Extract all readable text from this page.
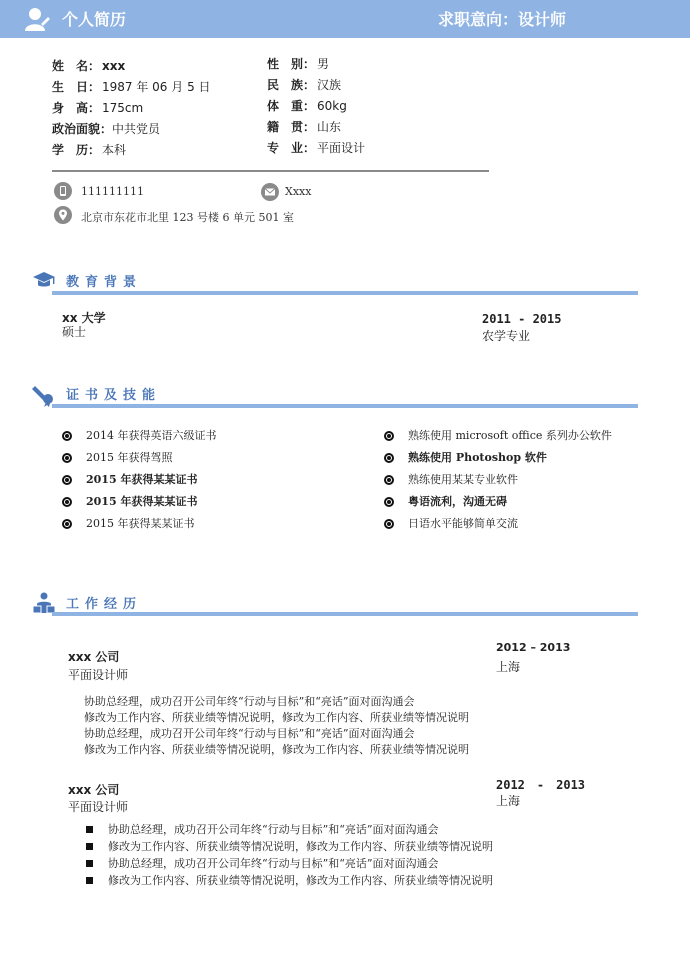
个人简历	求职意向：设计师
姓　名： xxx
生　日： 1987 年 06 月 5 日
身　高： 175cm
政治面貌：中共党员
学　历： 本科
性　别： 男
民　族： 汉族
体　重： 60kg
籍　贯： 山东
专　业： 平面设计
111111111	Xxxx
北京市东花市北里 123 号楼 6 单元 501 室
教育背景
xx 大学
硕士
2011 - 2015
农学专业
证书及技能
2014 年获得英语六级证书
2015 年获得驾照
2015 年获得某某证书
2015 年获得某某证书
2015 年获得某某证书
熟练使用 microsoft office 系列办公软件
熟练使用 Photoshop 软件
熟练使用某某专业软件
粤语流利，沟通无碍
日语水平能够简单交流
工作经历
xxx 公司
平面设计师
2012 – 2013
上海
协助总经理，成功召开公司年终“行动与目标”和“亮话”面对面沟通会
修改为工作内容、所获业绩等情况说明，修改为工作内容、所获业绩等情况说明
协助总经理，成功召开公司年终“行动与目标”和“亮话”面对面沟通会
修改为工作内容、所获业绩等情况说明，修改为工作内容、所获业绩等情况说明
xxx 公司
平面设计师
2012　-　2013
上海
协助总经理，成功召开公司年终“行动与目标”和“亮话”面对面沟通会
修改为工作内容、所获业绩等情况说明，修改为工作内容、所获业绩等情况说明
协助总经理，成功召开公司年终“行动与目标”和“亮话”面对面沟通会
修改为工作内容、所获业绩等情况说明，修改为工作内容、所获业绩等情况说明
